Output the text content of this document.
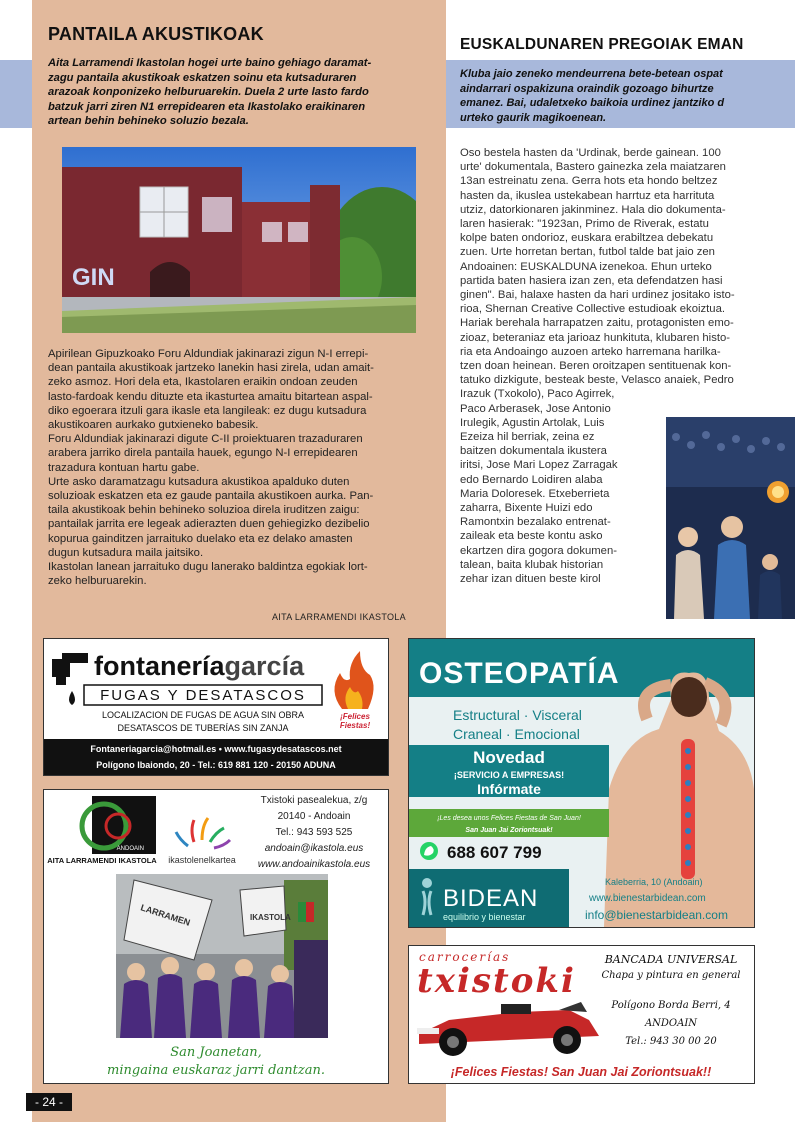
PANTAILA AKUSTIKOAK
Aita Larramendi Ikastolan hogei urte baino gehiago daramat-
zagu pantaila akustikoak eskatzen soinu eta kutsaduraren
arazoak konponizeko helburuarekin. Duela 2 urte lasto fardo
batzuk jarri ziren N1 errepidearen eta Ikastolako eraikinaren
artean behin behineko soluzio bezala.
GIN
Apirilean Gipuzkoako Foru Aldundiak jakinarazi zigun N-I errepi-
dean pantaila akustikoak jartzeko lanekin hasi zirela, udan amait-
zeko asmoz. Hori dela eta, Ikastolaren eraikin ondoan zeuden
lasto-fardoak kendu dituzte eta ikasturtea amaitu bitartean aspal-
diko egoerara itzuli gara ikasle eta langileak: ez dugu kutsadura
akustikoaren aurkako gutxieneko babesik.
Foru Aldundiak jakinarazi digute C-II proiektuaren trazaduraren
arabera jarriko direla pantaila hauek, egungo N-I errepidearen
trazadura kontuan hartu gabe.
Urte asko daramatzagu kutsadura akustikoa apalduko duten
soluzioak eskatzen eta ez gaude pantaila akustikoen aurka. Pan-
taila akustikoak behin behineko soluzioa direla iruditzen zaigu:
pantailak jarrita ere legeak adierazten duen gehiegizko dezibelio
kopurua gainditzen jarraituko duelako eta ez delako amasten
dugun kutsadura maila jaitsiko.
Ikastolan lanean jarraituko dugu lanerako baldintza egokiak lort-
zeko helburuarekin.
AITA LARRAMENDI IKASTOLA
EUSKALDUNAREN PREGOIAK EMAN
Kluba jaio zeneko mendeurrena bete-betean ospat
aindarrari ospakizuna oraindik gozoago bihurtze
emanez. Bai, udaletxeko baikoia urdinez jantziko d
urteko gaurik magikoenean.
Oso bestela hasten da 'Urdinak, berde gainean. 100
urte' dokumentala, Bastero gainezka zela maiatzaren
13an estreinatu zena. Gerra hots eta hondo beltzez
hasten da, ikuslea ustekabean harrtuz eta harrituta
utziz, datorkionaren jakinminez. Hala dio dokumenta-
laren hasierak: "1923an, Primo de Riverak, estatu
kolpe baten ondorioz, euskara erabiltzea debekatu
zuen. Urte horretan bertan, futbol talde bat jaio zen
Andoainen: EUSKALDUNA izenekoa. Ehun urteko
partida baten hasiera izan zen, eta defendatzen hasi
ginen". Bai, halaxe hasten da hari urdinez jositako isto-
rioa, Shernan Creative Collective estudioak ekoiztua.
Hariak berehala harrapatzen zaitu, protagonisten emo-
zioaz, beteraniaz eta jarioaz hunkituta, klubaren histo-
ria eta Andoaingo auzoen arteko harremana harilka-
tzen doan heinean. Beren oroitzapen sentituenak kon-
tatuko dizkigute, besteak beste, Velasco anaiek, Pedro
Irazuk (Txokolo), Paco Agirrek,
Paco Arberasek, Jose Antonio
Irulegik, Agustin Artolak, Luis
Ezeiza hil berriak, zeina ez
baitzen dokumentala ikustera
iritsi, Jose Mari Lopez Zarragak
edo Bernardo Loidiren alaba
Maria Doloresek. Etxeberrieta
zaharra, Bixente Huizi edo
Ramontxin bezalako entrenat-
zaileak eta beste kontu asko
ekartzen dira gogora dokumen-
talean, baita klubak historian
zehar izan dituen beste kirol
fontaneríagarcía
FUGAS Y DESATASCOS
LOCALIZACION DE FUGAS DE AGUA SIN OBRA
DESATASCOS DE TUBERÍAS SIN ZANJA
¡Felices
Fiestas!
Fontaneriagarcia@hotmail.es • www.fugasydesatascos.net
Polígono Ibaiondo, 20 - Tel.: 619 881 120 - 20150 ADUNA
ANDOAIN
AITA LARRAMENDI IKASTOLA ikastolenelkartea
Txistoki pasealekua, z/g
20140 - Andoain
Tel.: 943 593 525
andoain@ikastola.eus
www.andoainikastola.eus
LARRAMEN	IKASTOLA
San Joanetan,
mingaina euskaraz jarri dantzan.
OSTEOPATÍA
Estructural · Visceral
Craneal · Emocional
Novedad
¡SERVICIO A EMPRESAS!
Infórmate
¡Les desea unos Felices Fiestas de San Juan!
San Juan Jai Zoriontsuak!
688 607 799
BIDEAN
equilibrio y bienestar
Kaleberria, 10 (Andoain)
www.bienestarbidean.com
info@bienestarbidean.com
carrocerías
txistoki
BANCADA UNIVERSAL
Chapa y pintura en general
Polígono Borda Berri, 4
ANDOAIN
Tel.: 943 30 00 20
¡Felices Fiestas! San Juan Jai Zoriontsuak!!
- 24 -
